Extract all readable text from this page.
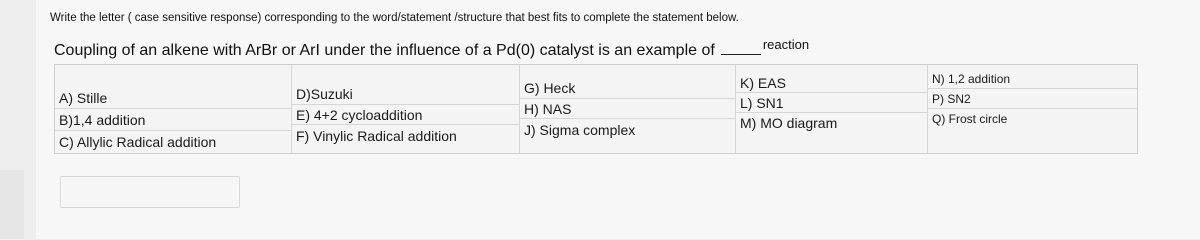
Write the letter ( case sensitive response) corresponding to the word/statement /structure that best fits to complete the statement below.
Coupling of an alkene with ArBr or ArI under the influence of a Pd(0) catalyst is an example of	$^{reaction}$
A) Stille
B)1,4 addition
C) Allylic Radical addition
D)Suzuki
E) 4+2 cycloaddition
F) Vinylic Radical addition
G) Heck
H) NAS
J) Sigma complex
K) EAS
L) SN1
M) MO diagram
N) 1,2 addition
P) SN2
Q) Frost circle
